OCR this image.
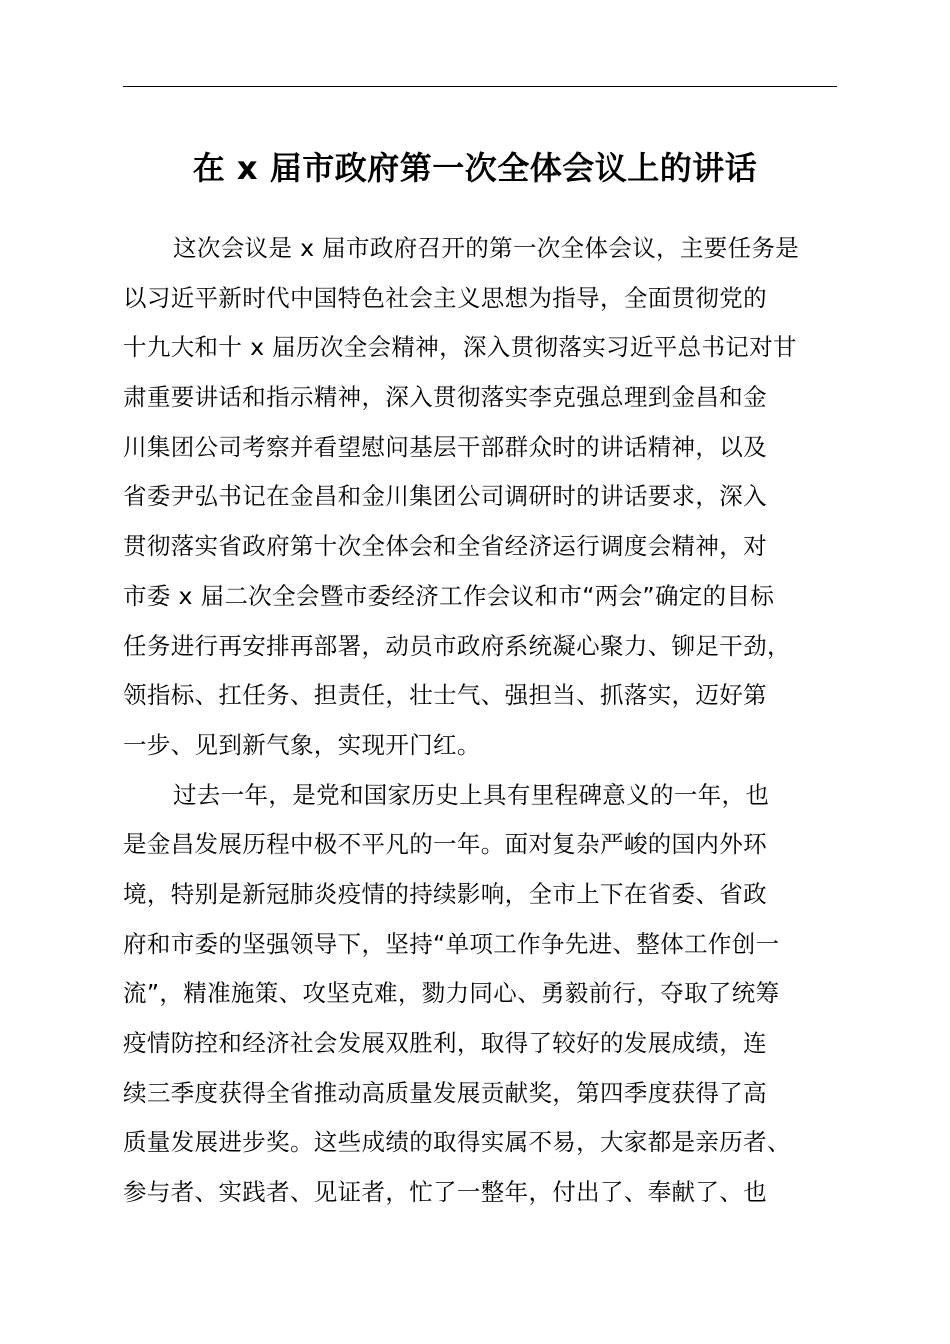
在 x 届市政府第一次全体会议上的讲话
这次会议是 x 届市政府召开的第一次全体会议，主要任务是
以习近平新时代中国特色社会主义思想为指导，全面贯彻党的
十九大和十 x 届历次全会精神，深入贯彻落实习近平总书记对甘
肃重要讲话和指示精神，深入贯彻落实李克强总理到金昌和金
川集团公司考察并看望慰问基层干部群众时的讲话精神，以及
省委尹弘书记在金昌和金川集团公司调研时的讲话要求，深入
贯彻落实省政府第十次全体会和全省经济运行调度会精神，对
市委 x 届二次全会暨市委经济工作会议和市“两会”确定的目标
任务进行再安排再部署，动员市政府系统凝心聚力、铆足干劲，
领指标、扛任务、担责任，壮士气、强担当、抓落实，迈好第
一步、见到新气象，实现开门红。
过去一年，是党和国家历史上具有里程碑意义的一年，也
是金昌发展历程中极不平凡的一年。面对复杂严峻的国内外环
境，特别是新冠肺炎疫情的持续影响，全市上下在省委、省政
府和市委的坚强领导下，坚持“单项工作争先进、整体工作创一
流”，精准施策、攻坚克难，勠力同心、勇毅前行，夺取了统筹
疫情防控和经济社会发展双胜利，取得了较好的发展成绩，连
续三季度获得全省推动高质量发展贡献奖，第四季度获得了高
质量发展进步奖。这些成绩的取得实属不易，大家都是亲历者、
参与者、实践者、见证者，忙了一整年，付出了、奉献了、也
